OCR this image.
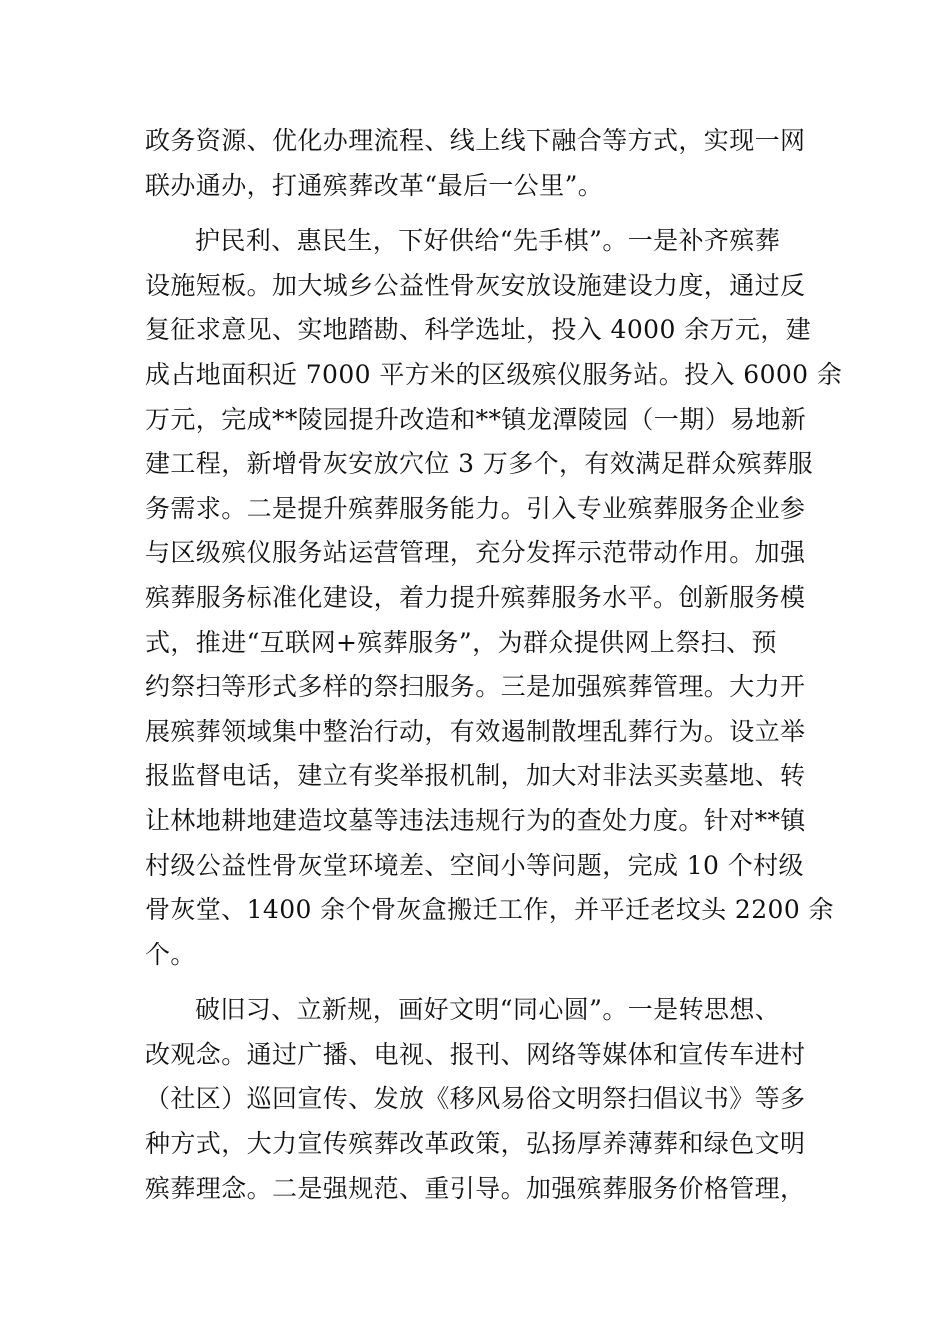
政务资源、优化办理流程、线上线下融合等方式，实现一网
联办通办，打通殡葬改革“最后一公里”。

护民利、惠民生，下好供给“先手棋”。一是补齐殡葬
设施短板。加大城乡公益性骨灰安放设施建设力度，通过反
复征求意见、实地踏勘、科学选址，投入 4000 余万元，建
成占地面积近 7000 平方米的区级殡仪服务站。投入 6000 余
万元，完成**陵园提升改造和**镇龙潭陵园（一期）易地新
建工程，新增骨灰安放穴位 3 万多个，有效满足群众殡葬服
务需求。二是提升殡葬服务能力。引入专业殡葬服务企业参
与区级殡仪服务站运营管理，充分发挥示范带动作用。加强
殡葬服务标准化建设，着力提升殡葬服务水平。创新服务模
式，推进“互联网+殡葬服务”，为群众提供网上祭扫、预
约祭扫等形式多样的祭扫服务。三是加强殡葬管理。大力开
展殡葬领域集中整治行动，有效遏制散埋乱葬行为。设立举
报监督电话，建立有奖举报机制，加大对非法买卖墓地、转
让林地耕地建造坟墓等违法违规行为的查处力度。针对**镇
村级公益性骨灰堂环境差、空间小等问题，完成 10 个村级
骨灰堂、1400 余个骨灰盒搬迁工作，并平迁老坟头 2200 余
个。

破旧习、立新规，画好文明“同心圆”。一是转思想、
改观念。通过广播、电视、报刊、网络等媒体和宣传车进村
（社区）巡回宣传、发放《移风易俗文明祭扫倡议书》等多
种方式，大力宣传殡葬改革政策，弘扬厚养薄葬和绿色文明
殡葬理念。二是强规范、重引导。加强殡葬服务价格管理，
